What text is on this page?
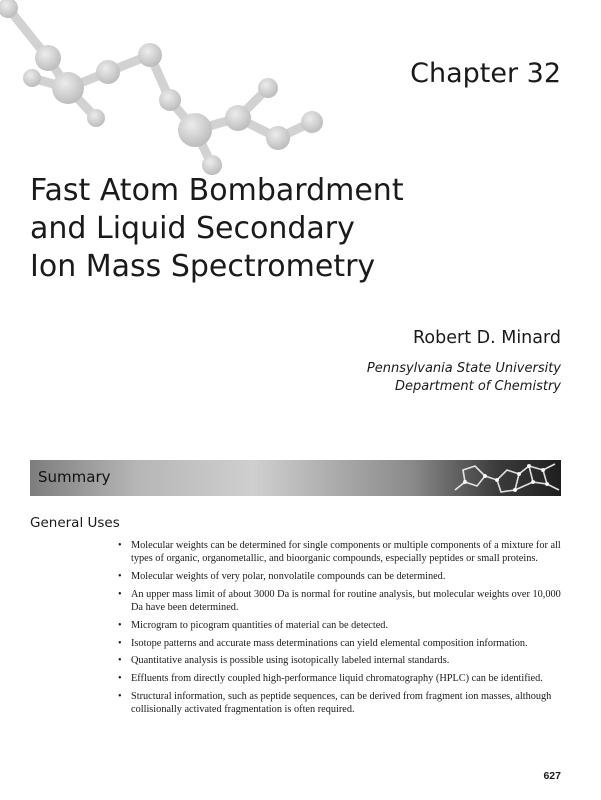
Chapter 32
Fast Atom Bombardment
and Liquid Secondary
Ion Mass Spectrometry
Robert D. Minard
Pennsylvania State University
Department of Chemistry
Summary
General Uses
• Molecular weights can be determined for single components or multiple components of a mixture for all types of organic, organometallic, and bioorganic compounds, especially peptides or small proteins.
• Molecular weights of very polar, nonvolatile compounds can be determined.
• An upper mass limit of about 3000 Da is normal for routine analysis, but molecular weights over 10,000 Da have been determined.
• Microgram to picogram quantities of material can be detected.
• Isotope patterns and accurate mass determinations can yield elemental composition information.
• Quantitative analysis is possible using isotopically labeled internal standards.
• Effluents from directly coupled high-performance liquid chromatography (HPLC) can be identified.
• Structural information, such as peptide sequences, can be derived from fragment ion masses, although collisionally activated fragmentation is often required.
627
